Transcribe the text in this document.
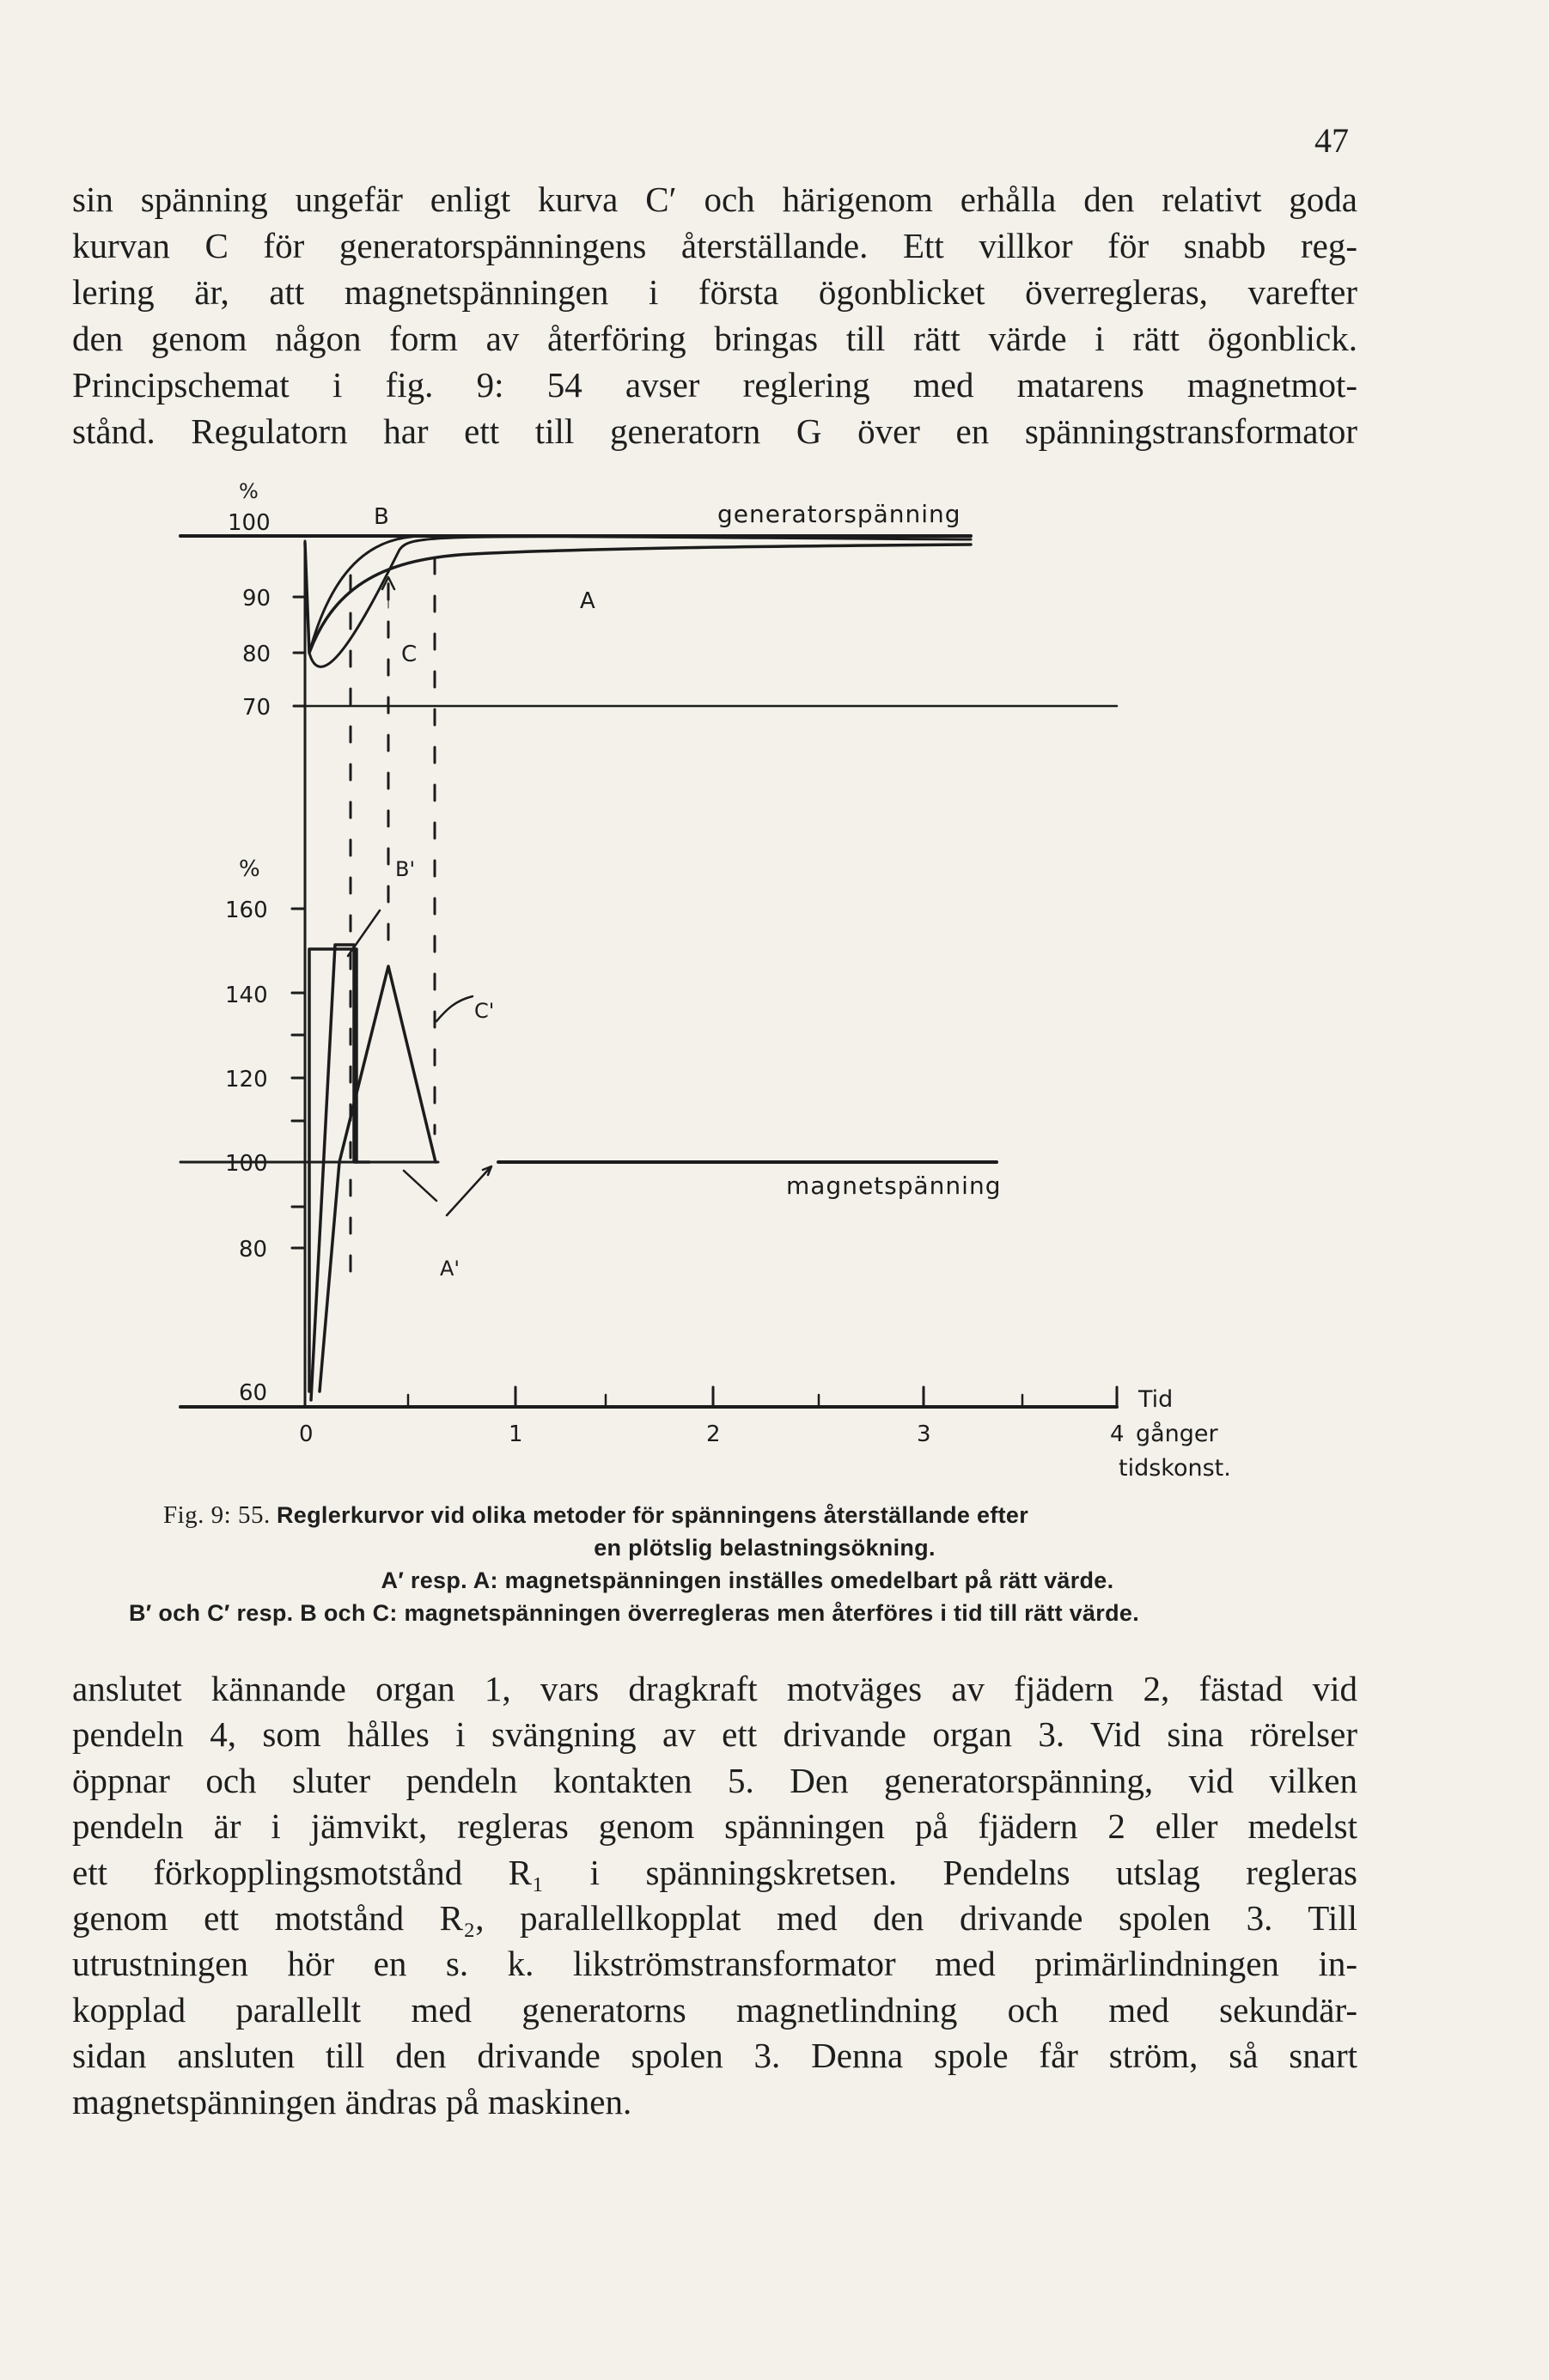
47
sin spänning ungefär enligt kurva C′ och härigenom erhålla den relativt goda
kurvan C för generatorspänningens återställande. Ett villkor för snabb reg-
lering är, att magnetspänningen i första ögonblicket överregleras, varefter
den genom någon form av återföring bringas till rätt värde i rätt ögonblick.
Principschemat i fig. 9: 54 avser reglering med matarens magnetmot-
stånd. Regulatorn har ett till generatorn G över en spänningstransformator
%
100
90
80
70
generatorspänning
B
A
C
%
160
140
120
100
80
60
magnetspänning
B'
C'
A'
0	1	2	3	4
Tid
gånger
tidskonst.
Fig. 9: 55. Reglerkurvor vid olika metoder för spänningens återställande efter
en plötslig belastningsökning.
A′ resp. A: magnetspänningen inställes omedelbart på rätt värde.
B′ och C′ resp. B och C: magnetspänningen överregleras men återföres i tid till rätt värde.
anslutet kännande organ 1, vars dragkraft motväges av fjädern 2, fästad vid
pendeln 4, som hålles i svängning av ett drivande organ 3. Vid sina rörelser
öppnar och sluter pendeln kontakten 5. Den generatorspänning, vid vilken
pendeln är i jämvikt, regleras genom spänningen på fjädern 2 eller medelst
ett förkopplingsmotstånd R₁ i spänningskretsen. Pendelns utslag regleras
genom ett motstånd R₂, parallellkopplat med den drivande spolen 3. Till
utrustningen hör en s. k. likströmstransformator med primärlindningen in-
kopplad parallellt med generatorns magnetlindning och med sekundär-
sidan ansluten till den drivande spolen 3. Denna spole får ström, så snart
magnetspänningen ändras på maskinen.
